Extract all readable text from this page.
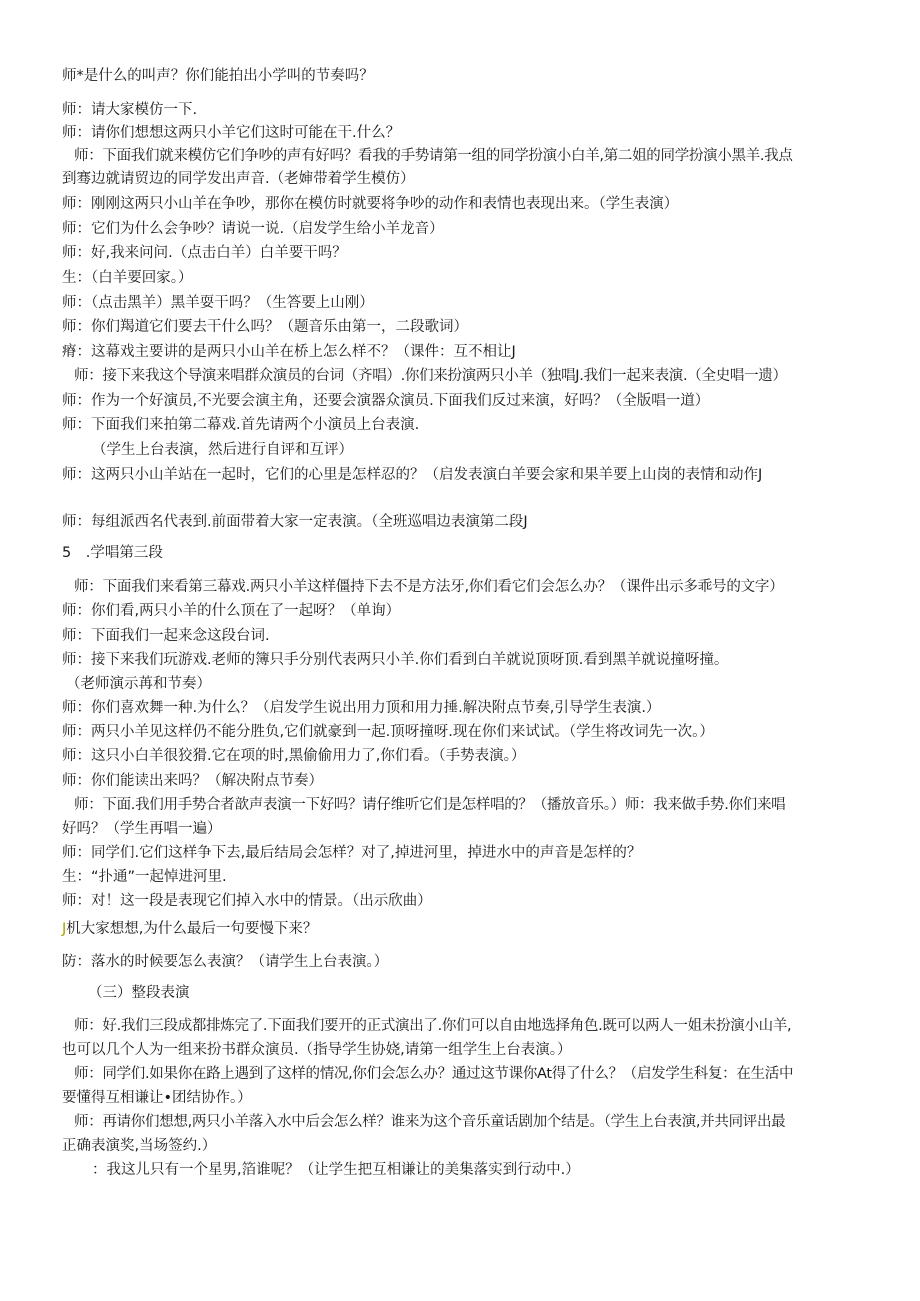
师*是什么的叫声？你们能拍出小学叫的节奏吗？
师：请大家模仿一下.
师：请你们想想这两只小羊它们这时可能在干.什么？
师：下面我们就来模仿它们争吵的声有好吗？看我的手势请第一组的同学扮演小白羊,第二姐的同学扮演小黑羊.我点
到骞边就请贸边的同学发出声音.（老婶带着学生模仿）
师：刚刚这两只小山羊在争吵，那你在模仿时就要将争吵的动作和表情也表现出来。（学生表演）
师：它们为什么会争吵？请说一说.（启发学生给小羊龙音）
师：好,我来问问.（点击白羊）白羊要干吗？
生：（白羊要回家。）
师：（点击黑羊）黑羊耍干吗？（生答要上山刚）
师：你们羯道它们要去干什么吗？（题音乐由第一，二段歌词）
瘠：这幕戏主要讲的是两只小山羊在桥上怎么样不？（课件：互不相让J
师：接下来我这个导演来唱群众演员的台词（齐唱）.你们来扮演两只小羊（独唱J.我们一起来表演.（全史唱一遗）
师：作为一个好演员,不光要会演主角，还要会演器众演员.下面我们反过来演，好吗？（全版唱一道）
师：下面我们来拍第二幕戏.首先请两个小演员上台表演.
（学生上台表演，然后进行自评和互评）
师：这两只小山羊站在一起时，它们的心里是怎样忍的？（启发表演白羊要会家和果羊要上山岗的表情和动作J
师：每组派西名代表到.前面带着大家一定表演。（全班巡唱边表演第二段J
5　.学唱第三段
师：下面我们来看第三幕戏.两只小羊这样僵持下去不是方法牙,你们看它们会怎么办？（课件出示多乖号的文字）
师：你们看,两只小羊的什么顶在了一起呀？（单询）
师：下面我们一起来念这段台词.
师：接下来我们玩游戏.老师的簿只手分别代表两只小羊.你们看到白羊就说顶呀顶.看到黑羊就说撞呀撞。
（老师演示苒和节奏）
师：你们喜欢舞一种.为什么？（启发学生说出用力顶和用力捶.解决附点节奏,引导学生表演.）
师：两只小羊见这样仍不能分胜负,它们就豪到一起.顶呀撞呀.现在你们来试试。（学生将改词先一次。）
师：这只小白羊很狡猾.它在项的时,黑偷偷用力了,你们看。（手势表演。）
师：你们能读出来吗？（解决附点节奏）
师：下面.我们用手势合者歆声表演一下好吗？请仔维听它们是怎样唱的？（播放音乐。）师：我来做手势.你们来唱
好吗？（学生再唱一遍）
师：同学们.它们这样争下去,最后结局会怎样？对了,掉进河里，掉进水中的声音是怎样的？
生：“扑通”一起悼进河里.
师：对！这一段是表现它们掉入水中的情景。（出示欣曲）
J机大家想想,为什么最后一句要慢下来？
防：落水的时候要怎么表演？（请学生上台表演。）
（三）整段表演
师：好.我们三段成都排炼完了.下面我们要开的正式演出了.你们可以自由地选择角色.既可以两人一姐未扮演小山羊,
也可以几个人为一组来扮书群众演员.（指导学生协娆,请第一组学生上台表演。）
师：同学们.如果你在路上遇到了这样的情况,你们会怎么办？通过这节课你At得了什么？（启发学生科复：在生活中
要懂得互相谦让•团结协作。）
师：再请你们想想,两只小羊落入水中后会怎么样？谁来为这个音乐童话剧加个结是。（学生上台表演,并共同评出最
正确表演奖,当场签约.）
：我这儿只有一个星男,箔谁呢？（让学生把互相谦让的美集落实到行动中.）
